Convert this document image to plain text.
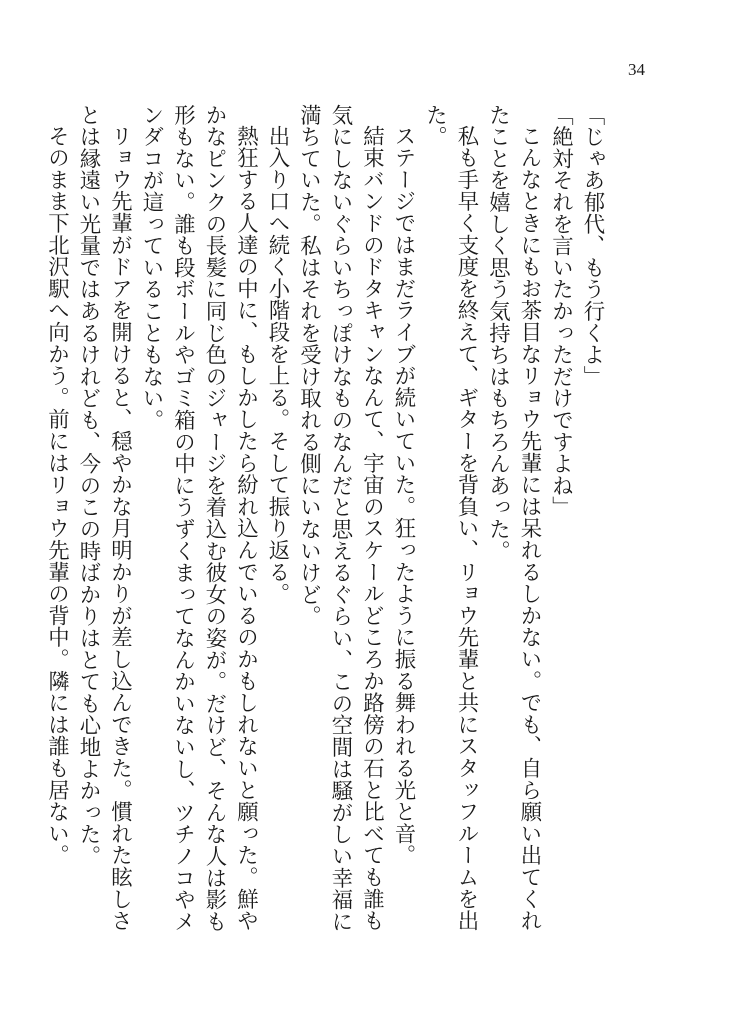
34

「じゃあ郁代、もう行くよ」

「絶対それを言いたかっただけですよね」

こんなときにもお茶目なリョウ先輩には呆れるしかない。でも、自ら願い出てくれたことを嬉しく思う気持ちはもちろんあった。

私も手早く支度を終えて、ギターを背負い、リョウ先輩と共にスタッフルームを出た。

ステージではまだライブが続いていた。狂ったように振る舞われる光と音。

結束バンドのドタキャンなんて、宇宙のスケールどころか路傍の石と比べても誰も気にしないぐらいちっぽけなものなんだと思えるぐらい、この空間は騒がしい幸福に満ちていた。私はそれを受け取れる側にいないけど。

出入り口へ続く小階段を上る。そして振り返る。

熱狂する人達の中に、もしかしたら紛れ込んでいるのかもしれないと願った。鮮やかなピンクの長髪に同じ色のジャージを着込む彼女の姿が。だけど、そんな人は影も形もない。誰も段ボールやゴミ箱の中にうずくまってなんかいないし、ツチノコやメンダコが這っていることもない。

リョウ先輩がドアを開けると、穏やかな月明かりが差し込んできた。慣れた眩しさとは縁遠い光量ではあるけれども、今のこの時ばかりはとても心地よかった。

そのまま下北沢駅へ向かう。前にはリョウ先輩の背中。隣には誰も居ない。
